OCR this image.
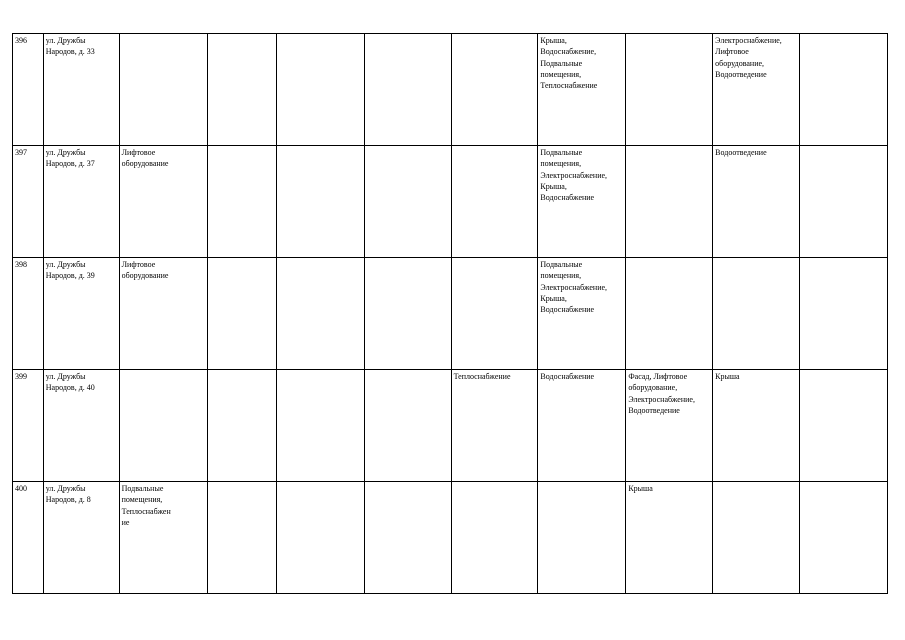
396	ул. Дружбы
Народов, д. 33						Крыша,
Водоснабжение,
Подвальные
помещения,
Теплоснабжение		Электроснабжение,
Лифтовое
оборудование,
Водоотведение	

397	ул. Дружбы
Народов, д. 37	Лифтовое
оборудование					Подвальные
помещения,
Электроснабжение,
Крыша,
Водоснабжение		Водоотведение	

398	ул. Дружбы
Народов, д. 39	Лифтовое
оборудование					Подвальные
помещения,
Электроснабжение,
Крыша,
Водоснабжение			

399	ул. Дружбы
Народов, д. 40					Теплоснабжение	Водоснабжение	Фасад, Лифтовое
оборудование,
Электроснабжение,
Водоотведение	Крыша	

400	ул. Дружбы
Народов, д. 8	Подвальные
помещения,
Теплоснабжен
ие						Крыша		
